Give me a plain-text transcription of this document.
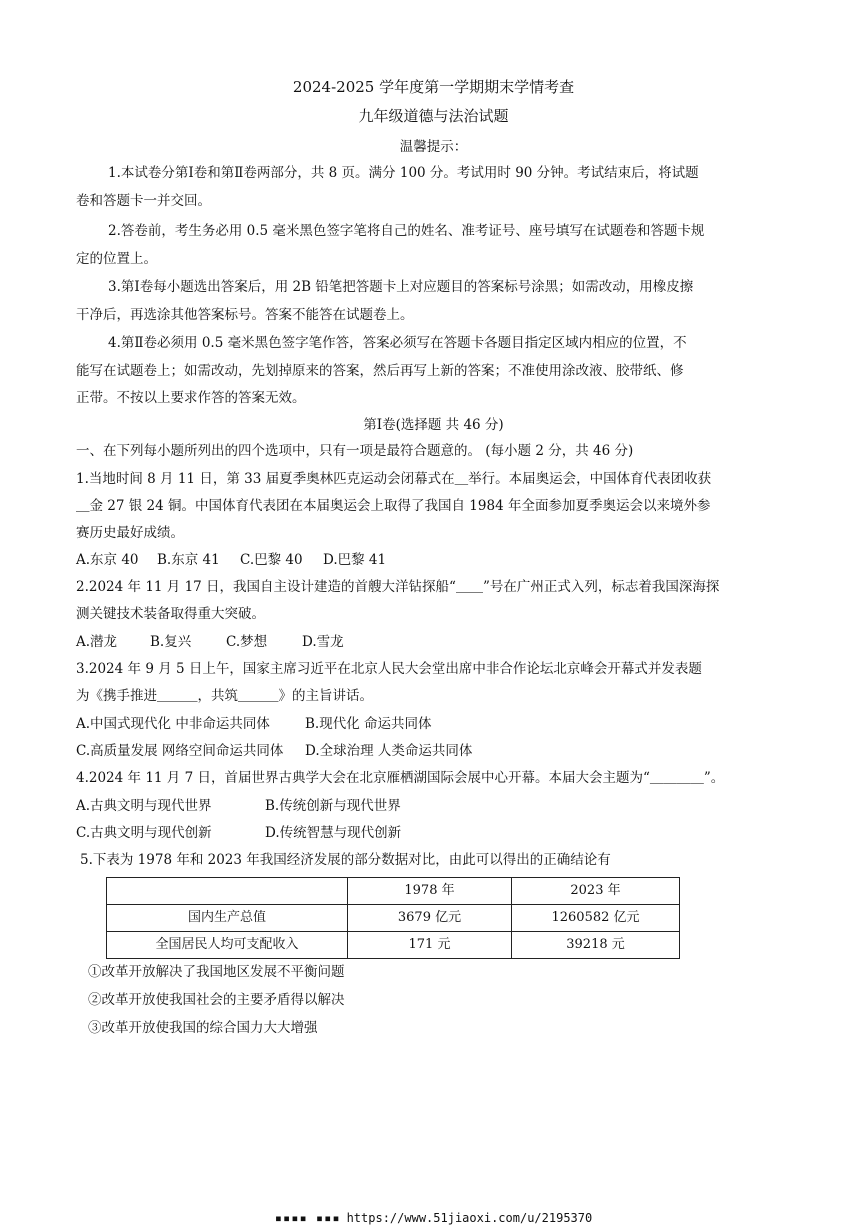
2024-2025 学年度第一学期期末学情考查
九年级道德与法治试题
温馨提示：
1.本试卷分第Ⅰ卷和第Ⅱ卷两部分，共 8 页。满分 100 分。考试用时 90 分钟。考试结束后，将试题
卷和答题卡一并交回。
2.答卷前，考生务必用 0.5 毫米黑色签字笔将自己的姓名、准考证号、座号填写在试题卷和答题卡规
定的位置上。
3.第Ⅰ卷每小题选出答案后，用 2B 铅笔把答题卡上对应题目的答案标号涂黑；如需改动，用橡皮擦
干净后，再选涂其他答案标号。答案不能答在试题卷上。
4.第Ⅱ卷必须用 0.5 毫米黑色签字笔作答，答案必须写在答题卡各题目指定区域内相应的位置，不
能写在试题卷上；如需改动，先划掉原来的答案，然后再写上新的答案；不准使用涂改液、胶带纸、修
正带。不按以上要求作答的答案无效。
第Ⅰ卷(选择题 共 46 分)
一、在下列每小题所列出的四个选项中，只有一项是最符合题意的。 (每小题 2 分，共 46 分)
1.当地时间 8 月 11 日，第 33 届夏季奥林匹克运动会闭幕式在＿举行。本届奥运会，中国体育代表团收获
＿金 27 银 24 铜。中国体育代表团在本届奥运会上取得了我国自 1984 年全面参加夏季奥运会以来境外参
赛历史最好成绩。
A.东京 40 B.东京 41 C.巴黎 40 D.巴黎 41
2.2024 年 11 月 17 日，我国自主设计建造的首艘大洋钻探船“＿＿”号在广州正式入列，标志着我国深海探
测关键技术装备取得重大突破。
A.潜龙 B.复兴	C.梦想	D.雪龙
3.2024 年 9 月 5 日上午，国家主席习近平在北京人民大会堂出席中非合作论坛北京峰会开幕式并发表题
为《携手推进＿＿＿，共筑＿＿＿》的主旨讲话。
A.中国式现代化 中非命运共同体	B.现代化 命运共同体
C.高质量发展 网络空间命运共同体 D.全球治理 人类命运共同体
4.2024 年 11 月 7 日，首届世界古典学大会在北京雁栖湖国际会展中心开幕。本届大会主题为“＿＿＿＿”。
A.古典文明与现代世界	B.传统创新与现代世界
C.古典文明与现代创新	D.传统智慧与现代创新
5.下表为 1978 年和 2023 年我国经济发展的部分数据对比，由此可以得出的正确结论有
	1978 年	2023 年
国内生产总值	3679 亿元	1260582 亿元
全国居民人均可支配收入	171 元	39218 元
①改革开放解决了我国地区发展不平衡问题
②改革开放使我国社会的主要矛盾得以解决
③改革开放使我国的综合国力大大增强
▪▪▪▪ ▪▪▪ https://www.51jiaoxi.com/u/2195370
